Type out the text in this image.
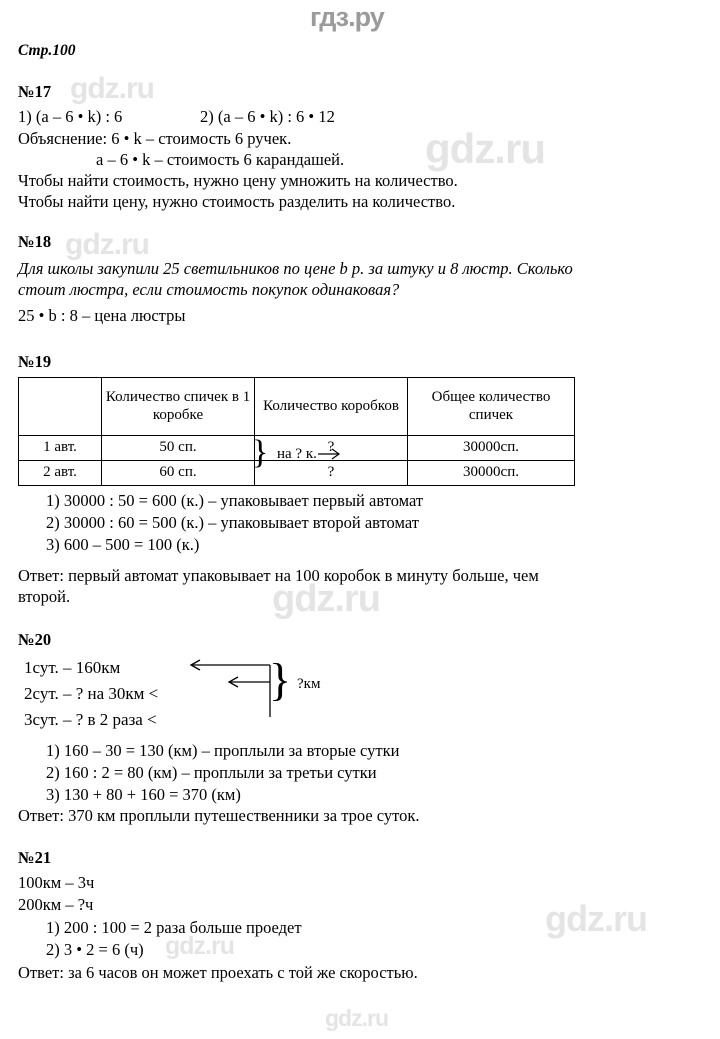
гдз.ру
gdz.ru
gdz.ru
gdz.ru
gdz.ru
gdz.ru
gdz.ru
gdz.ru
Стр.100
№17
1) (a – 6 • k) : 6	2) (a – 6 • k) : 6 • 12
Объяснение: 6 • k – стоимость 6 ручек.
a – 6 • k – стоимость 6 карандашей.
Чтобы найти стоимость, нужно цену умножить на количество.
Чтобы найти цену, нужно стоимость разделить на количество.
№18
Для школы закупили 25 светильников по цене b р. за штуку и 8 люстр. Сколько
стоит люстра, если стоимость покупок одинаковая?
25 • b : 8 – цена люстры
№19
	Количество спичек в 1 коробке	Количество коробков	Общее количество спичек
1 авт.	50 сп.	?	30000сп.
2 авт.	60 сп.	?	30000сп.
} на ? к.
1) 30000 : 50 = 600 (к.) – упаковывает первый автомат
2) 30000 : 60 = 500 (к.) – упаковывает второй автомат
3) 600 – 500 = 100 (к.)
Ответ: первый автомат упаковывает на 100 коробок в минуту больше, чем
второй.
№20
1сут. – 160км
2сут. – ? на 30км <
3сут. – ? в 2 раза <
} ?км
1) 160 – 30 = 130 (км) – проплыли за вторые сутки
2) 160 : 2 = 80 (км) – проплыли за третьи сутки
3) 130 + 80 + 160 = 370 (км)
Ответ: 370 км проплыли путешественники за трое суток.
№21
100км – 3ч
200км – ?ч
1) 200 : 100 = 2 раза больше проедет
2) 3 • 2 = 6 (ч)
Ответ: за 6 часов он может проехать с той же скоростью.
